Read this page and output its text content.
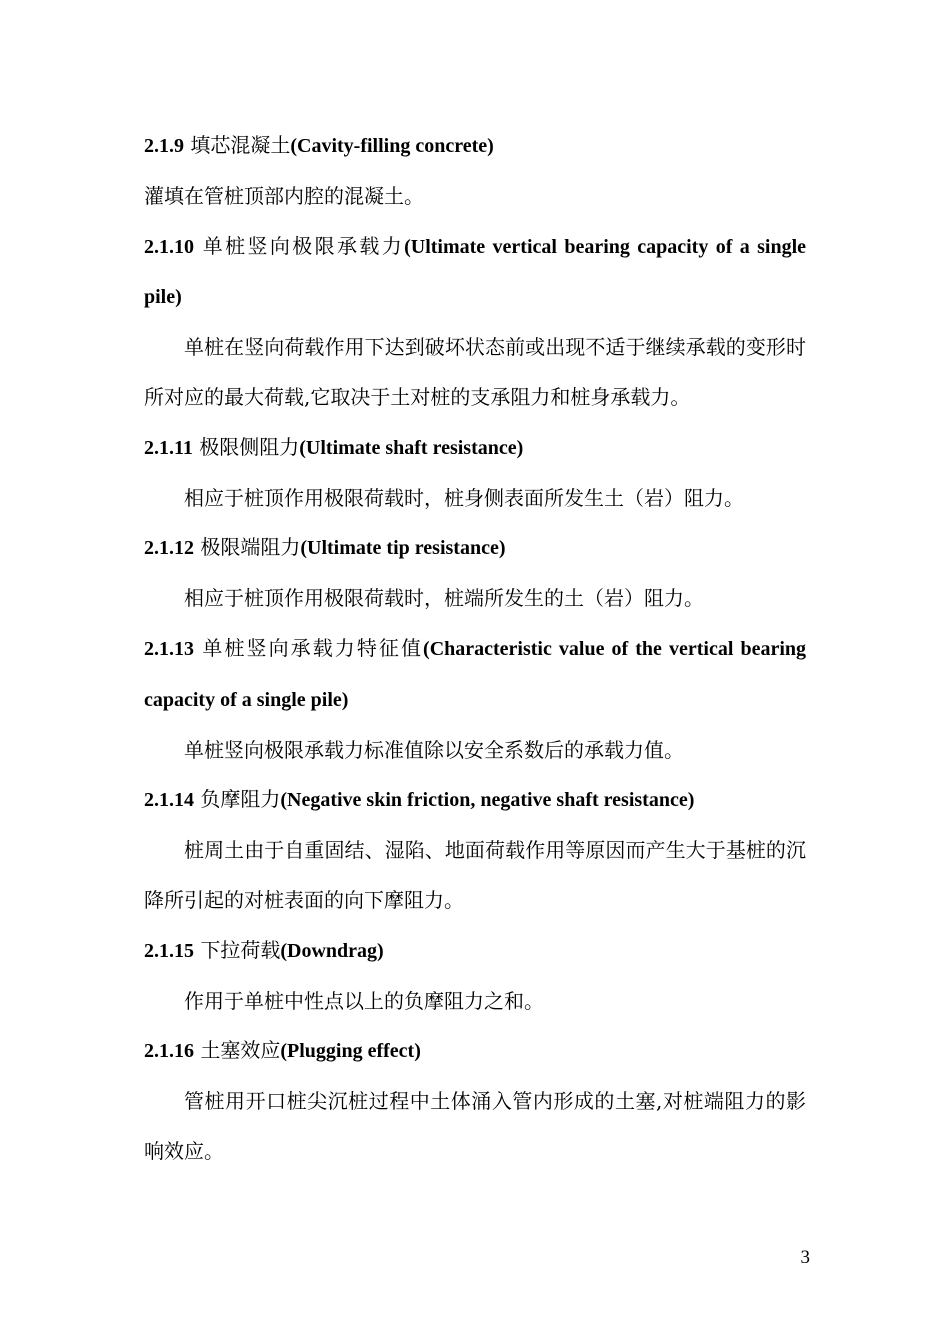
2.1.9 填芯混凝土(Cavity-filling concrete)

灌填在管桩顶部内腔的混凝土。

2.1.10 单桩竖向极限承载力(Ultimate vertical bearing capacity of a single pile)

单桩在竖向荷载作用下达到破坏状态前或出现不适于继续承载的变形时所对应的最大荷载,它取决于土对桩的支承阻力和桩身承载力。

2.1.11 极限侧阻力(Ultimate shaft resistance)

相应于桩顶作用极限荷载时，桩身侧表面所发生土（岩）阻力。

2.1.12 极限端阻力(Ultimate tip resistance)

相应于桩顶作用极限荷载时，桩端所发生的土（岩）阻力。

2.1.13 单桩竖向承载力特征值(Characteristic value of the vertical bearing capacity of a single pile)

单桩竖向极限承载力标准值除以安全系数后的承载力值。

2.1.14 负摩阻力(Negative skin friction, negative shaft resistance)

桩周土由于自重固结、湿陷、地面荷载作用等原因而产生大于基桩的沉降所引起的对桩表面的向下摩阻力。

2.1.15 下拉荷载(Downdrag)

作用于单桩中性点以上的负摩阻力之和。

2.1.16 土塞效应(Plugging effect)

管桩用开口桩尖沉桩过程中土体涌入管内形成的土塞,对桩端阻力的影响效应。

3
